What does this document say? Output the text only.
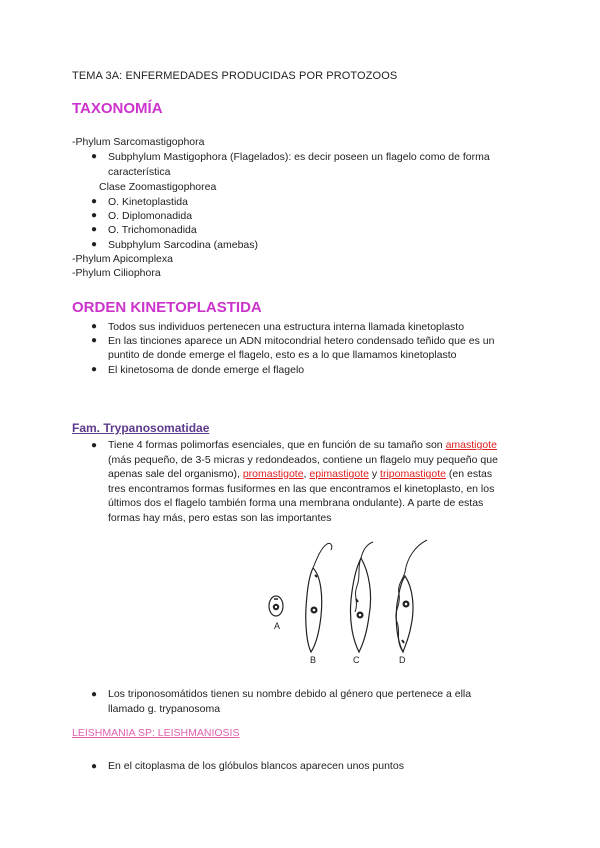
TEMA 3A: ENFERMEDADES PRODUCIDAS POR PROTOZOOS
TAXONOMÍA
-Phylum Sarcomastigophora
● Subphylum Mastigophora (Flagelados): es decir poseen un flagelo como de forma
característica
Clase Zoomastigophorea
● O. Kinetoplastida
● O. Diplomonadida
● O. Trichomonadida
● Subphylum Sarcodina (amebas)
-Phylum Apicomplexa
-Phylum Ciliophora
ORDEN KINETOPLASTIDA
● Todos sus individuos pertenecen una estructura interna llamada kinetoplasto
● En las tinciones aparece un ADN mitocondrial hetero condensado teñido que es un
puntito de donde emerge el flagelo, esto es a lo que llamamos kinetoplasto
● El kinetosoma de donde emerge el flagelo
Fam. Trypanosomatidae
● Tiene 4 formas polimorfas esenciales, que en función de su tamaño son amastigote
(más pequeño, de 3-5 micras y redondeados, contiene un flagelo muy pequeño que
apenas sale del organismo), promastigote, epimastigote y tripomastigote (en estas
tres encontramos formas fusiformes en las que encontramos el kinetoplasto, en los
últimos dos el flagelo también forma una membrana ondulante). A parte de estas
formas hay más, pero estas son las importantes
A
B	C	D
● Los triponosomátidos tienen su nombre debido al género que pertenece a ella
llamado g. trypanosoma
LEISHMANIA SP: LEISHMANIOSIS
● En el citoplasma de los glóbulos blancos aparecen unos puntos
